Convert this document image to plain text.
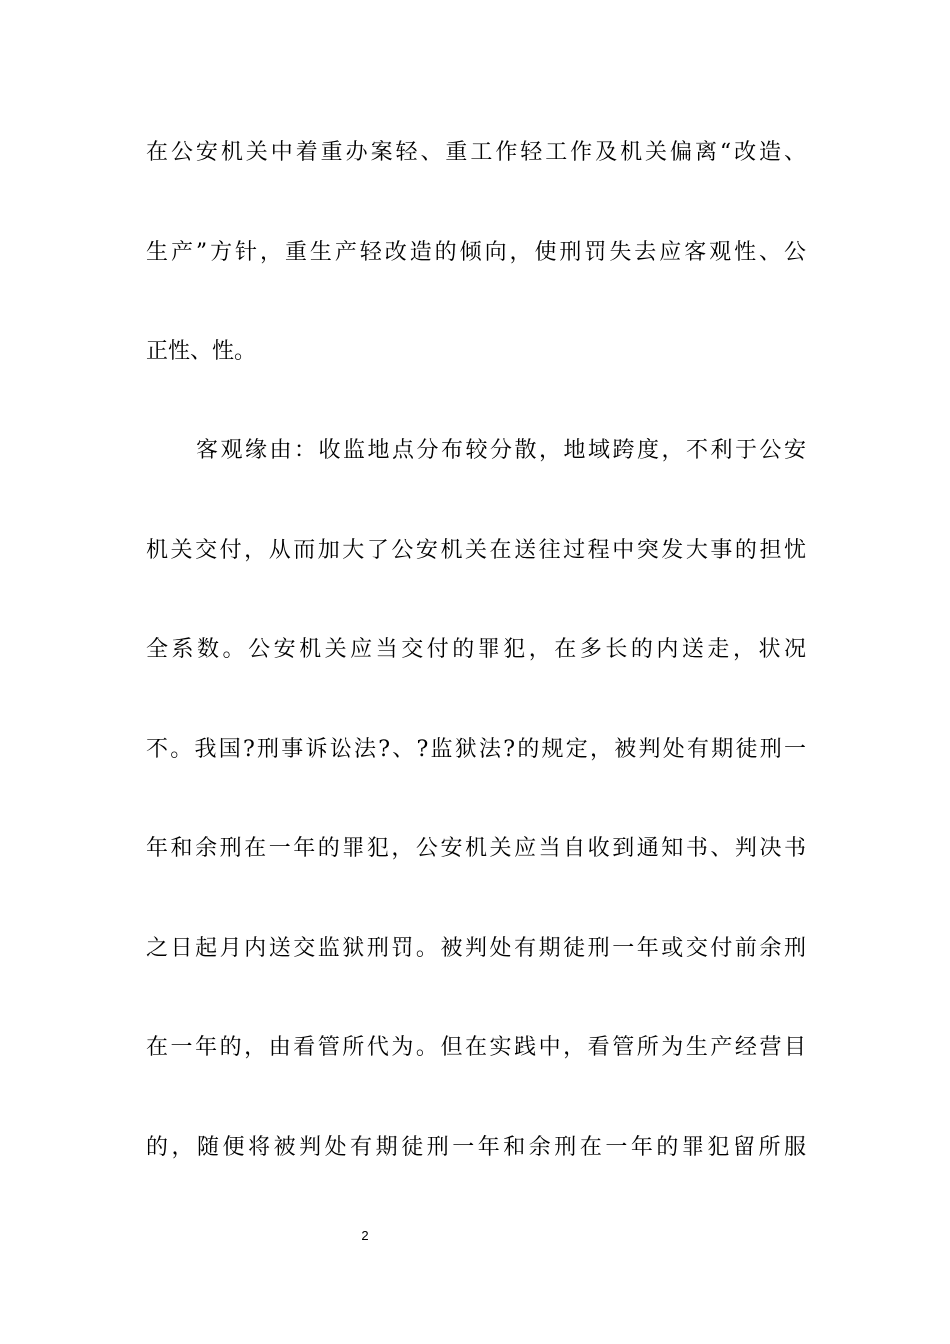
在公安机关中着重办案轻、重工作轻工作及机关偏离“改造、
生产”方针，重生产轻改造的倾向，使刑罚失去应客观性、公
正性、性。
客观缘由：收监地点分布较分散，地域跨度，不利于公安
机关交付，从而加大了公安机关在送往过程中突发大事的担忧
全系数。公安机关应当交付的罪犯，在多长的内送走，状况
不。我国?刑事诉讼法?、?监狱法?的规定，被判处有期徒刑一
年和余刑在一年的罪犯，公安机关应当自收到通知书、判决书
之日起月内送交监狱刑罚。被判处有期徒刑一年或交付前余刑
在一年的，由看管所代为。但在实践中，看管所为生产经营目
的，随便将被判处有期徒刑一年和余刑在一年的罪犯留所服
2
